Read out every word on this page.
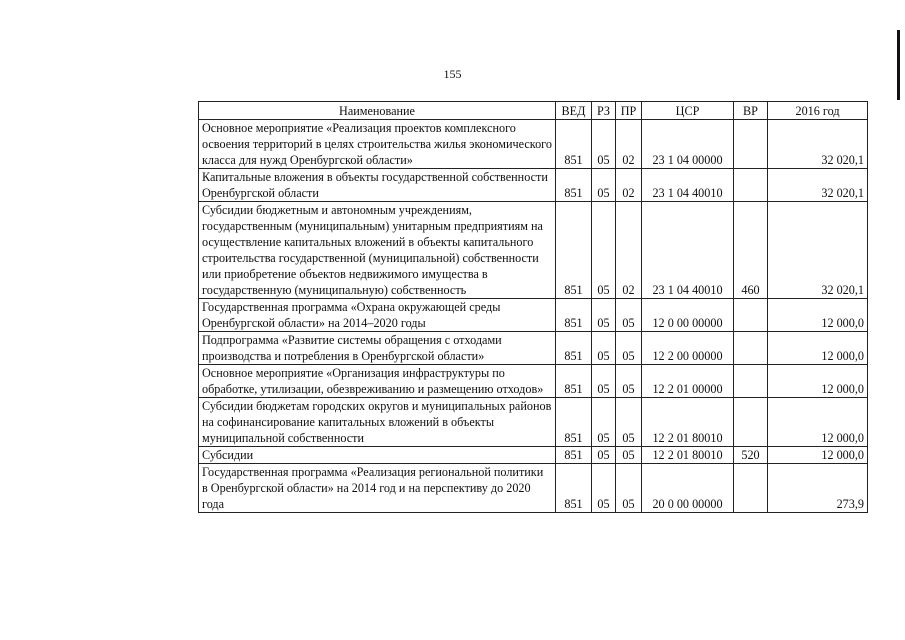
155
Наименование	ВЕД	РЗ	ПР	ЦСР	ВР	2016 год
Основное мероприятие «Реализация проектов комплексного освоения территорий в целях строительства жилья экономического класса для нужд Оренбургской области»	851	05	02	23 1 04 00000		32 020,1
Капитальные вложения в объекты государственной собственности Оренбургской области	851	05	02	23 1 04 40010		32 020,1
Субсидии бюджетным и автономным учреждениям, государственным (муниципальным) унитарным предприятиям на осуществление капитальных вложений в объекты капитального строительства государственной (муниципальной) собственности или приобретение объектов недвижимого имущества в государственную (муниципальную) собственность	851	05	02	23 1 04 40010	460	32 020,1
Государственная программа «Охрана окружающей среды Оренбургской области» на 2014–2020 годы	851	05	05	12 0 00 00000		12 000,0
Подпрограмма «Развитие системы обращения с отходами производства и потребления в Оренбургской области»	851	05	05	12 2 00 00000		12 000,0
Основное мероприятие «Организация инфраструктуры по обработке, утилизации, обезвреживанию и размещению отходов»	851	05	05	12 2 01 00000		12 000,0
Субсидии бюджетам городских округов и муниципальных районов на софинансирование капитальных вложений в объекты муниципальной собственности	851	05	05	12 2 01 80010		12 000,0
Субсидии	851	05	05	12 2 01 80010	520	12 000,0
Государственная программа «Реализация региональной политики в Оренбургской области» на 2014 год и на перспективу до 2020 года	851	05	05	20 0 00 00000		273,9
